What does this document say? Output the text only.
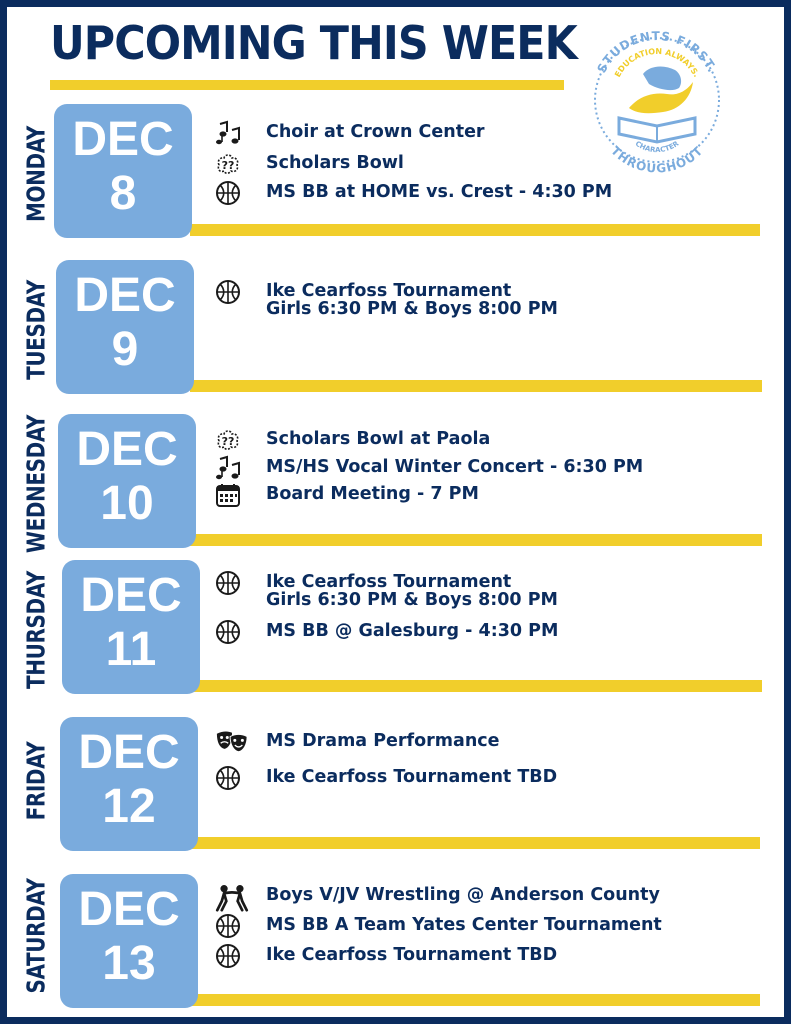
UPCOMING THIS WEEK STUDENTS FIRST.
EDUCATION ALWAYS.
CHARACTER
THROUGHOUT
MONDAY DEC
8
Choir at Crown Center
?? Scholars Bowl
MS BB at HOME vs. Crest - 4:30 PM
TUESDAY DEC
9
Ike Cearfoss Tournament
Girls 6:30 PM & Boys 8:00 PM
WEDNESDAY DEC
10
?? Scholars Bowl at Paola
MS/HS Vocal Winter Concert - 6:30 PM
Board Meeting - 7 PM
THURSDAY DEC
11
Ike Cearfoss Tournament
Girls 6:30 PM & Boys 8:00 PM
MS BB @ Galesburg - 4:30 PM
FRIDAY DEC
12
MS Drama Performance
Ike Cearfoss Tournament TBD
SATURDAY DEC
13
Boys V/JV Wrestling @ Anderson County
MS BB A Team Yates Center Tournament
Ike Cearfoss Tournament TBD
